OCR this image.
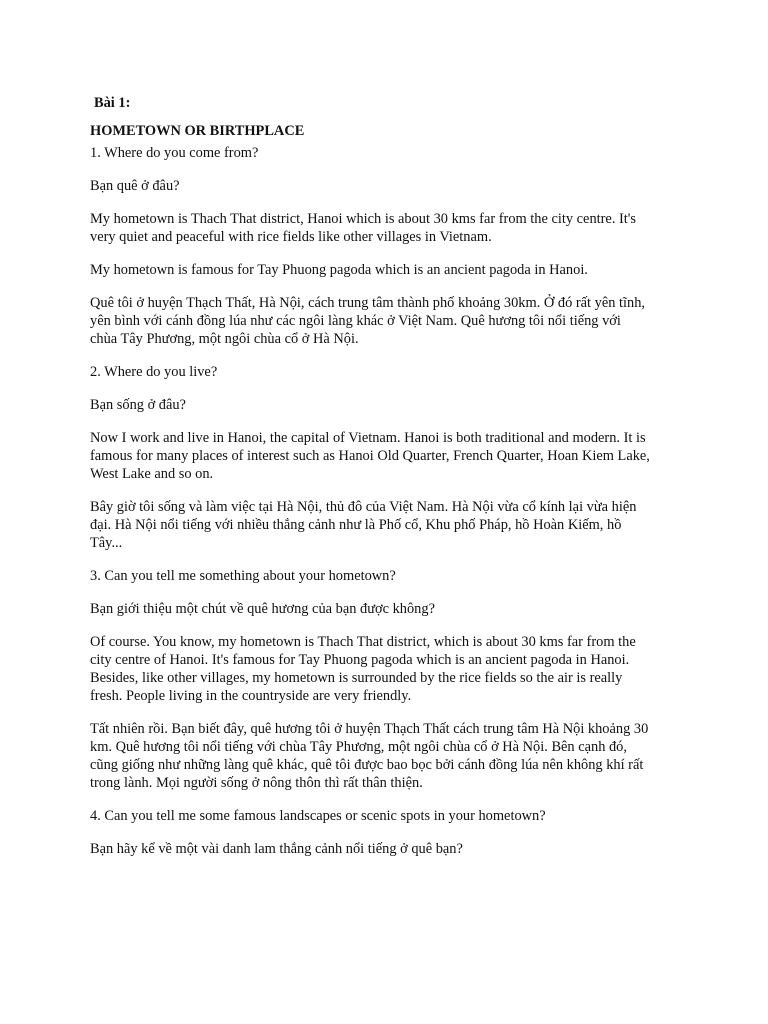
Bài 1:
HOMETOWN OR BIRTHPLACE

1. Where do you come from?

Bạn quê ở đâu?

My hometown is Thach That district, Hanoi which is about 30 kms far from the city centre. It's
very quiet and peaceful with rice fields like other villages in Vietnam.

My hometown is famous for Tay Phuong pagoda which is an ancient pagoda in Hanoi.

Quê tôi ở huyện Thạch Thất, Hà Nội, cách trung tâm thành phố khoảng 30km. Ở đó rất yên tĩnh,
yên bình với cánh đồng lúa như các ngôi làng khác ở Việt Nam. Quê hương tôi nổi tiếng với
chùa Tây Phương, một ngôi chùa cổ ở Hà Nội.

2. Where do you live?

Bạn sống ở đâu?

Now I work and live in Hanoi, the capital of Vietnam. Hanoi is both traditional and modern. It is
famous for many places of interest such as Hanoi Old Quarter, French Quarter, Hoan Kiem Lake,
West Lake and so on.

Bây giờ tôi sống và làm việc tại Hà Nội, thủ đô của Việt Nam. Hà Nội vừa cổ kính lại vừa hiện
đại. Hà Nội nổi tiếng với nhiều thắng cảnh như là Phố cổ, Khu phố Pháp, hồ Hoàn Kiếm, hồ
Tây...

3. Can you tell me something about your hometown?

Bạn giới thiệu một chút về quê hương của bạn được không?

Of course. You know, my hometown is Thach That district, which is about 30 kms far from the
city centre of Hanoi. It's famous for Tay Phuong pagoda which is an ancient pagoda in Hanoi.
Besides, like other villages, my hometown is surrounded by the rice fields so the air is really
fresh. People living in the countryside are very friendly.

Tất nhiên rồi. Bạn biết đây, quê hương tôi ở huyện Thạch Thất cách trung tâm Hà Nội khoảng 30
km. Quê hương tôi nổi tiếng với chùa Tây Phương, một ngôi chùa cổ ở Hà Nội. Bên cạnh đó,
cũng giống như những làng quê khác, quê tôi được bao bọc bởi cánh đồng lúa nên không khí rất
trong lành. Mọi người sống ở nông thôn thì rất thân thiện.

4. Can you tell me some famous landscapes or scenic spots in your hometown?

Bạn hãy kể về một vài danh lam thắng cảnh nổi tiếng ở quê bạn?
